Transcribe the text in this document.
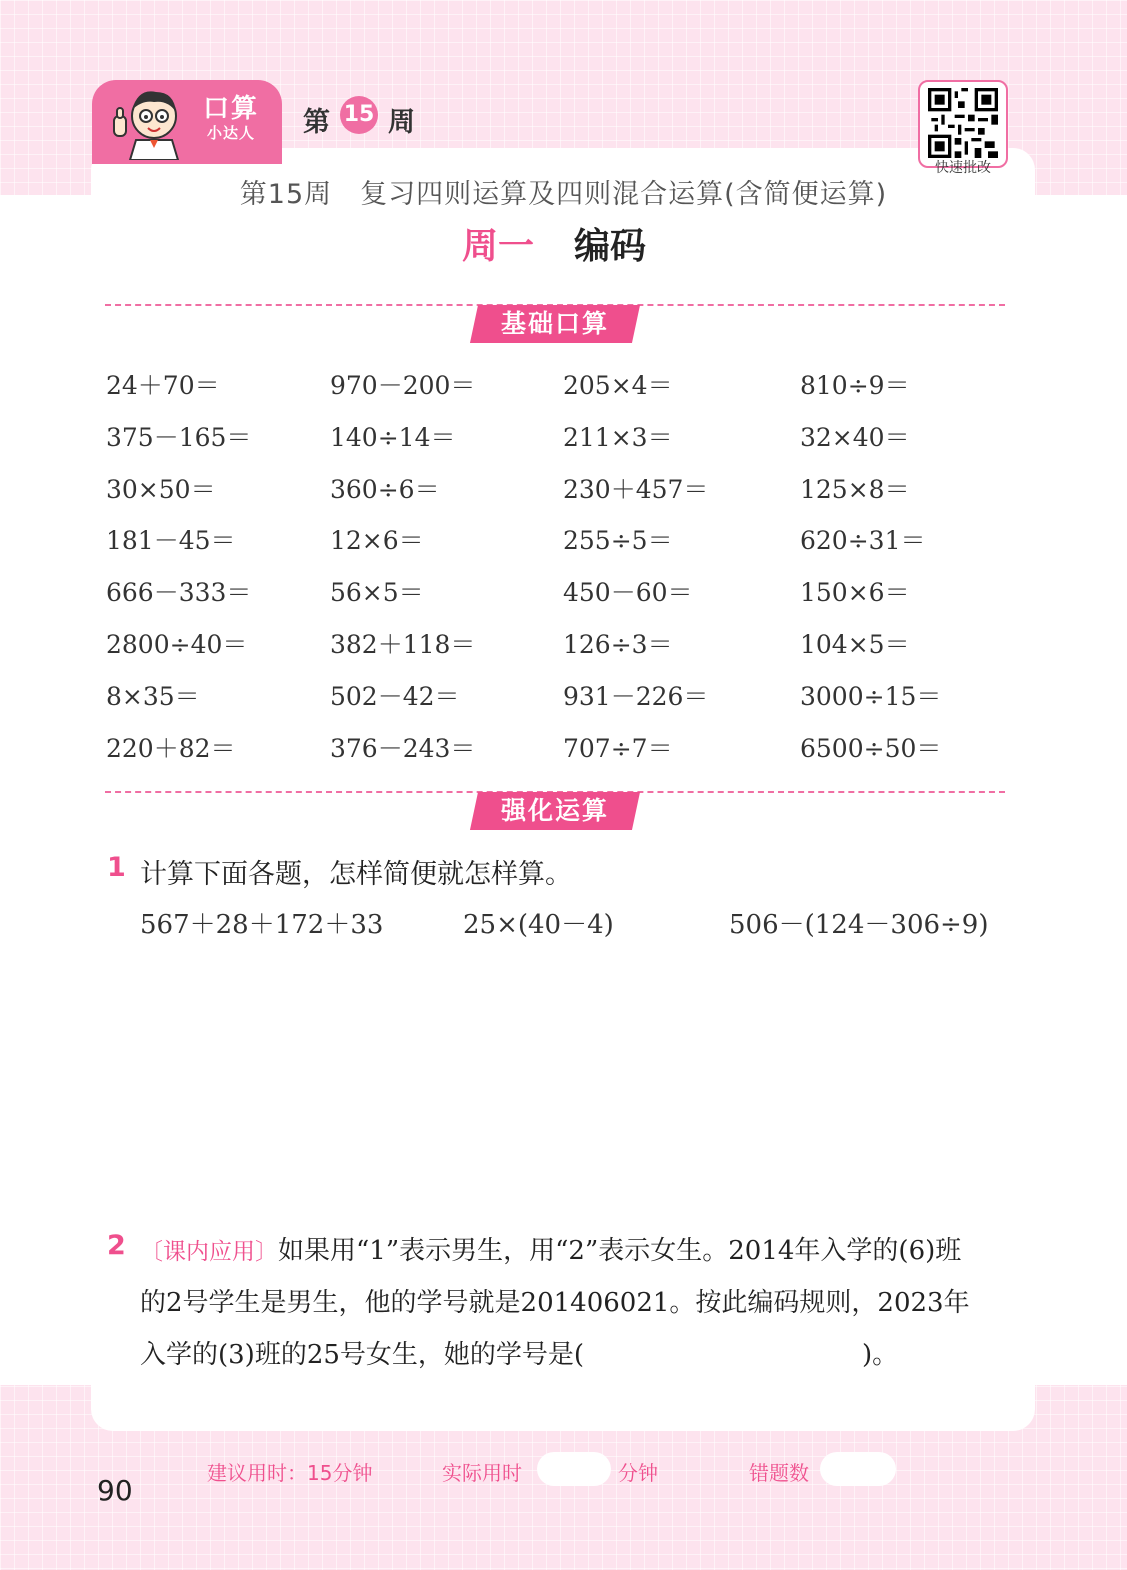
口算
小达人	第 15 周
快速批改
第15周　复习四则运算及四则混合运算(含简便运算)
周一 编码
基础口算
24＋70＝	970－200＝	205×4＝	810÷9＝
375－165＝	140÷14＝	211×3＝	32×40＝
30×50＝	360÷6＝	230＋457＝	125×8＝
181－45＝	12×6＝	255÷5＝	620÷31＝
666－333＝	56×5＝	450－60＝	150×6＝
2800÷40＝	382＋118＝	126÷3＝	104×5＝
8×35＝	502－42＝	931－226＝	3000÷15＝
220＋82＝	376－243＝	707÷7＝	6500÷50＝
强化运算
1 计算下面各题，怎样简便就怎样算。
567＋28＋172＋33	25×(40－4)	506－(124－306÷9)
2 〔课内应用〕如果用“1”表示男生，用“2”表示女生。2014年入学的(6)班
的2号学生是男生，他的学号就是201406021。按此编码规则，2023年
入学的(3)班的25号女生，她的学号是(	)。
建议用时：15分钟	实际用时	分钟	错题数
90
